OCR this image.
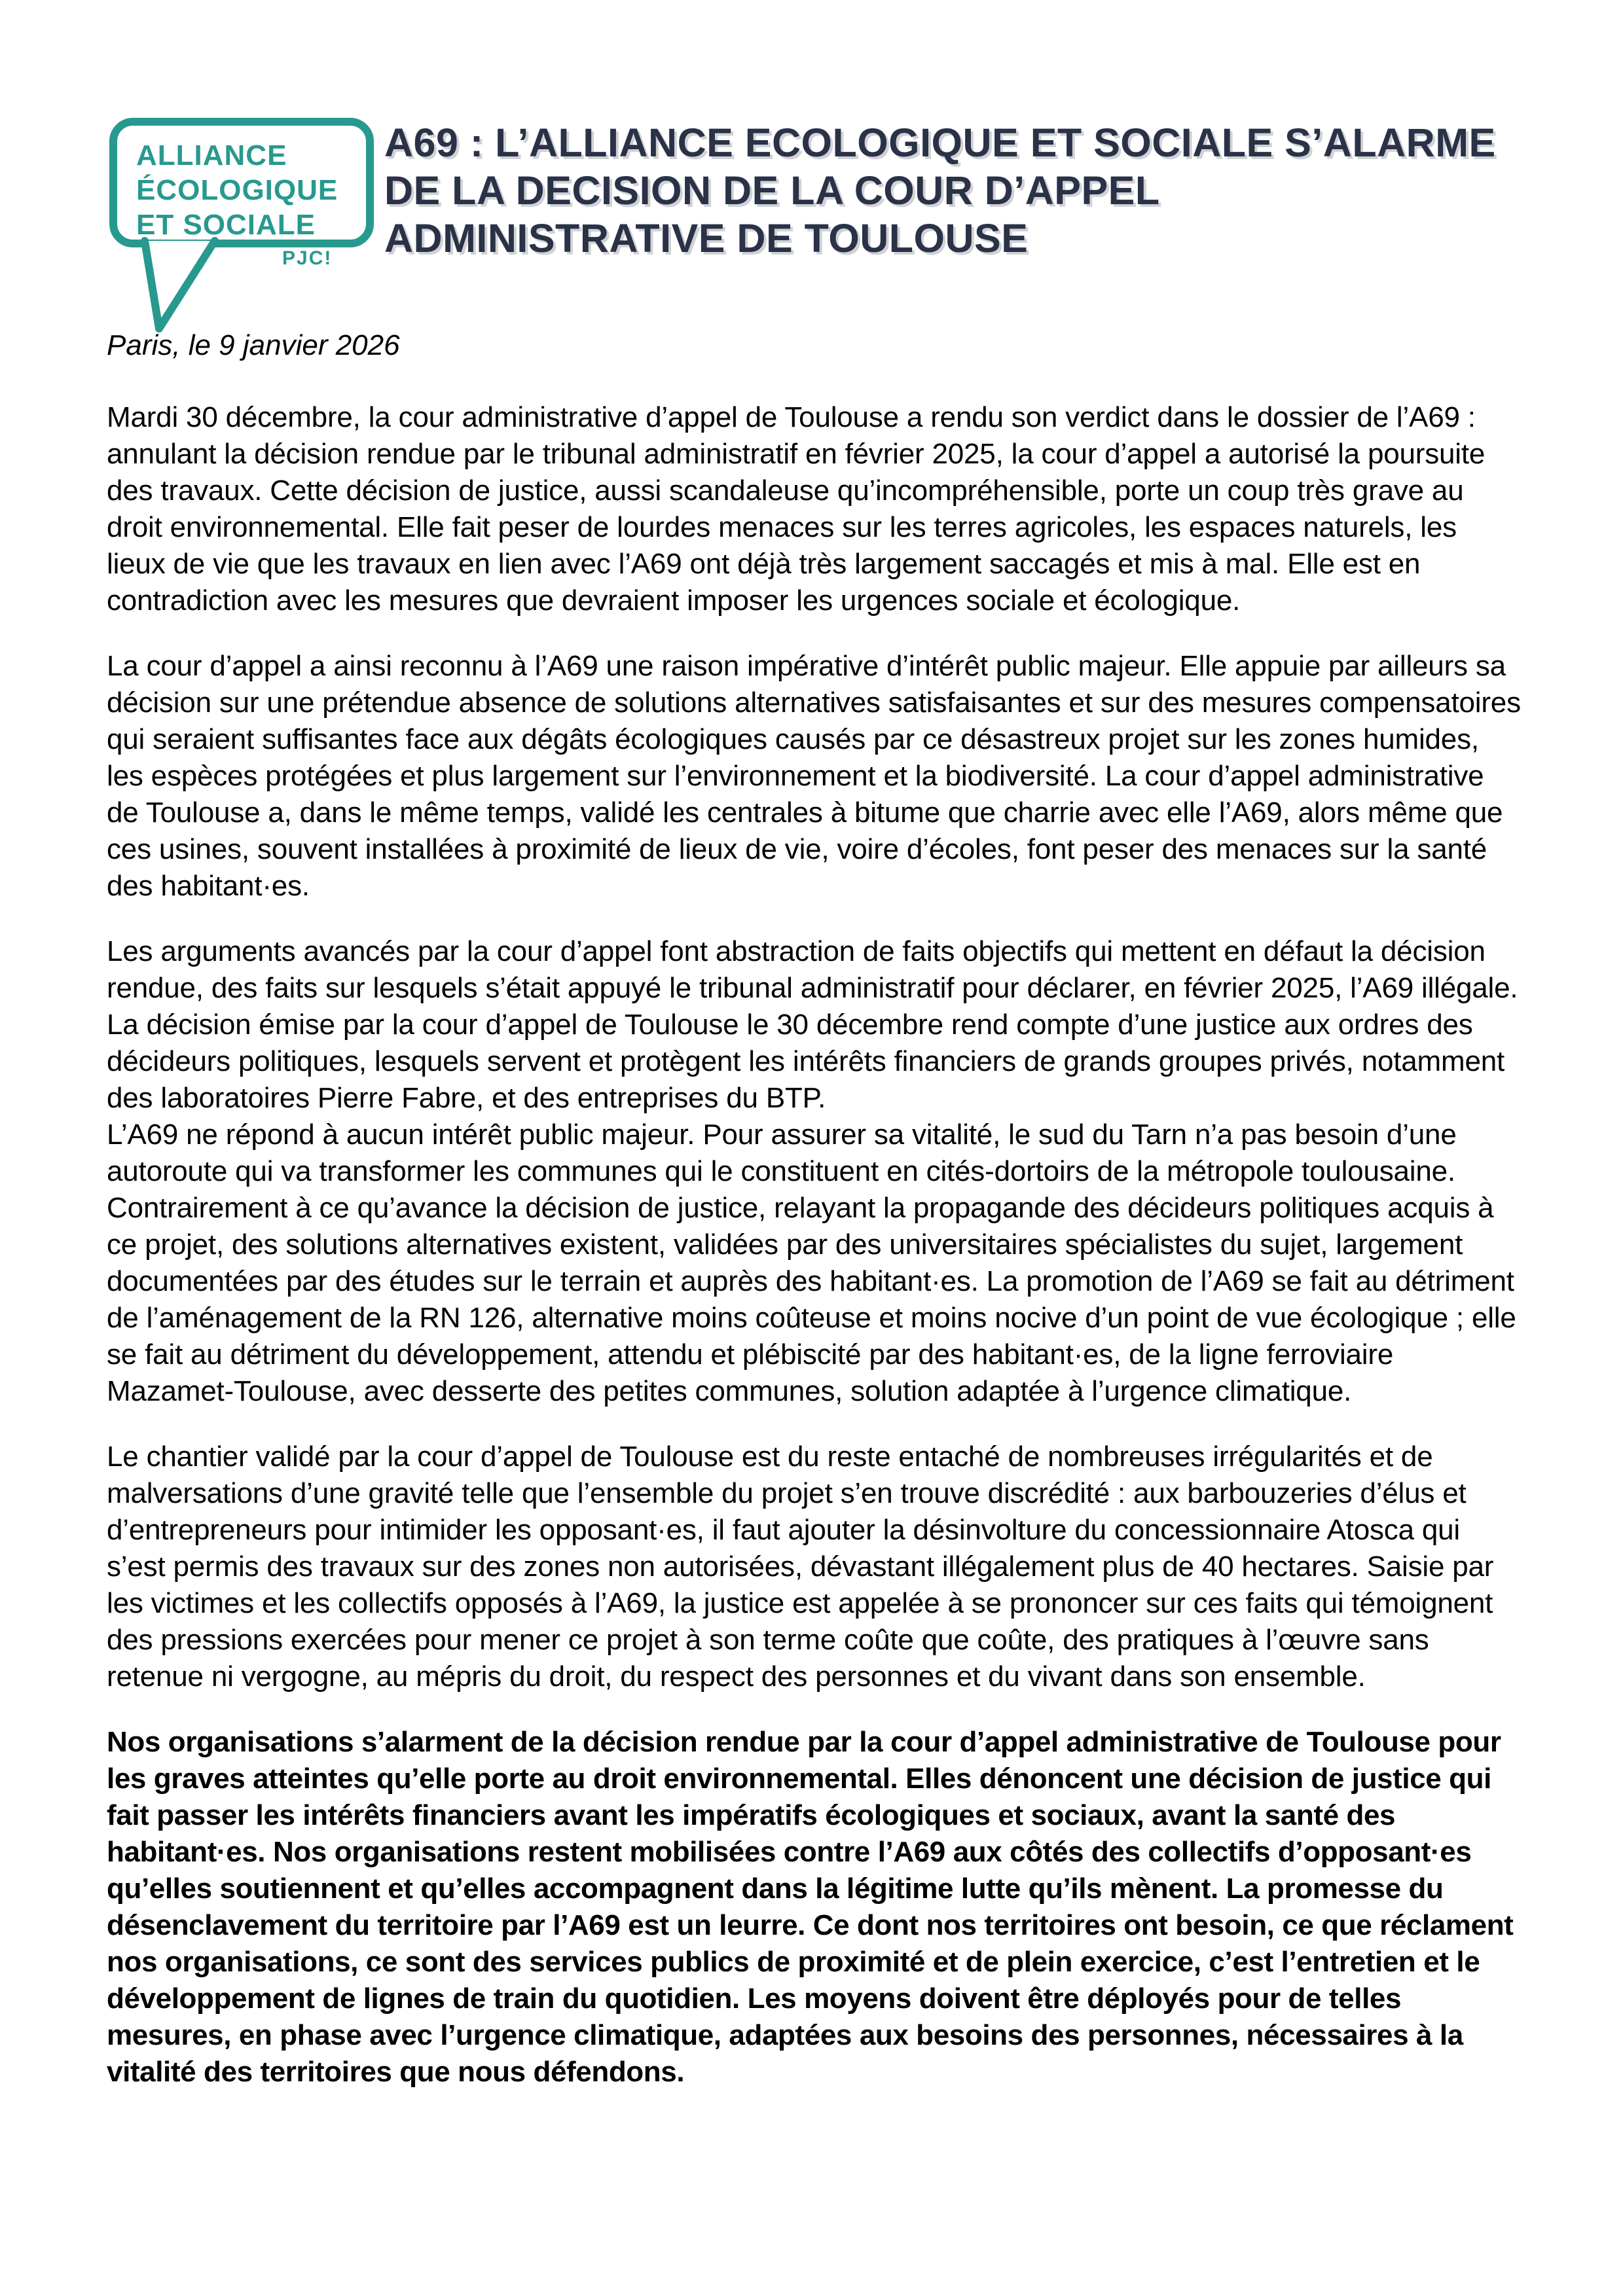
ALLIANCE
ÉCOLOGIQUE
ET SOCIALE
PJC!
A69 : L’ALLIANCE ECOLOGIQUE ET SOCIALE S’ALARME DE LA DECISION DE LA COUR D’APPEL ADMINISTRATIVE DE TOULOUSE

Paris, le 9 janvier 2026

Mardi 30 décembre, la cour administrative d’appel de Toulouse a rendu son verdict dans le dossier de l’A69 : annulant la décision rendue par le tribunal administratif en février 2025, la cour d’appel a autorisé la poursuite des travaux. Cette décision de justice, aussi scandaleuse qu’incompréhensible, porte un coup très grave au droit environnemental. Elle fait peser de lourdes menaces sur les terres agricoles, les espaces naturels, les lieux de vie que les travaux en lien avec l’A69 ont déjà très largement saccagés et mis à mal. Elle est en contradiction avec les mesures que devraient imposer les urgences sociale et écologique.

La cour d’appel a ainsi reconnu à l’A69 une raison impérative d’intérêt public majeur. Elle appuie par ailleurs sa décision sur une prétendue absence de solutions alternatives satisfaisantes et sur des mesures compensatoires qui seraient suffisantes face aux dégâts écologiques causés par ce désastreux projet sur les zones humides, les espèces protégées et plus largement sur l’environnement et la biodiversité. La cour d’appel administrative de Toulouse a, dans le même temps, validé les centrales à bitume que charrie avec elle l’A69, alors même que ces usines, souvent installées à proximité de lieux de vie, voire d’écoles, font peser des menaces sur la santé des habitant·es.

Les arguments avancés par la cour d’appel font abstraction de faits objectifs qui mettent en défaut la décision rendue, des faits sur lesquels s’était appuyé le tribunal administratif pour déclarer, en février 2025, l’A69 illégale. La décision émise par la cour d’appel de Toulouse le 30 décembre rend compte d’une justice aux ordres des décideurs politiques, lesquels servent et protègent les intérêts financiers de grands groupes privés, notamment des laboratoires Pierre Fabre, et des entreprises du BTP.

L’A69 ne répond à aucun intérêt public majeur. Pour assurer sa vitalité, le sud du Tarn n’a pas besoin d’une autoroute qui va transformer les communes qui le constituent en cités-dortoirs de la métropole toulousaine. Contrairement à ce qu’avance la décision de justice, relayant la propagande des décideurs politiques acquis à ce projet, des solutions alternatives existent, validées par des universitaires spécialistes du sujet, largement documentées par des études sur le terrain et auprès des habitant·es. La promotion de l’A69 se fait au détriment de l’aménagement de la RN 126, alternative moins coûteuse et moins nocive d’un point de vue écologique ; elle se fait au détriment du développement, attendu et plébiscité par des habitant·es, de la ligne ferroviaire Mazamet-Toulouse, avec desserte des petites communes, solution adaptée à l’urgence climatique.

Le chantier validé par la cour d’appel de Toulouse est du reste entaché de nombreuses irrégularités et de malversations d’une gravité telle que l’ensemble du projet s’en trouve discrédité : aux barbouzeries d’élus et d’entrepreneurs pour intimider les opposant·es, il faut ajouter la désinvolture du concessionnaire Atosca qui s’est permis des travaux sur des zones non autorisées, dévastant illégalement plus de 40 hectares. Saisie par les victimes et les collectifs opposés à l’A69, la justice est appelée à se prononcer sur ces faits qui témoignent des pressions exercées pour mener ce projet à son terme coûte que coûte, des pratiques à l’œuvre sans retenue ni vergogne, au mépris du droit, du respect des personnes et du vivant dans son ensemble.

Nos organisations s’alarment de la décision rendue par la cour d’appel administrative de Toulouse pour les graves atteintes qu’elle porte au droit environnemental. Elles dénoncent une décision de justice qui fait passer les intérêts financiers avant les impératifs écologiques et sociaux, avant la santé des habitant·es. Nos organisations restent mobilisées contre l’A69 aux côtés des collectifs d’opposant·es qu’elles soutiennent et qu’elles accompagnent dans la légitime lutte qu’ils mènent. La promesse du désenclavement du territoire par l’A69 est un leurre. Ce dont nos territoires ont besoin, ce que réclament nos organisations, ce sont des services publics de proximité et de plein exercice, c’est l’entretien et le développement de lignes de train du quotidien. Les moyens doivent être déployés pour de telles mesures, en phase avec l’urgence climatique, adaptées aux besoins des personnes, nécessaires à la vitalité des territoires que nous défendons.
